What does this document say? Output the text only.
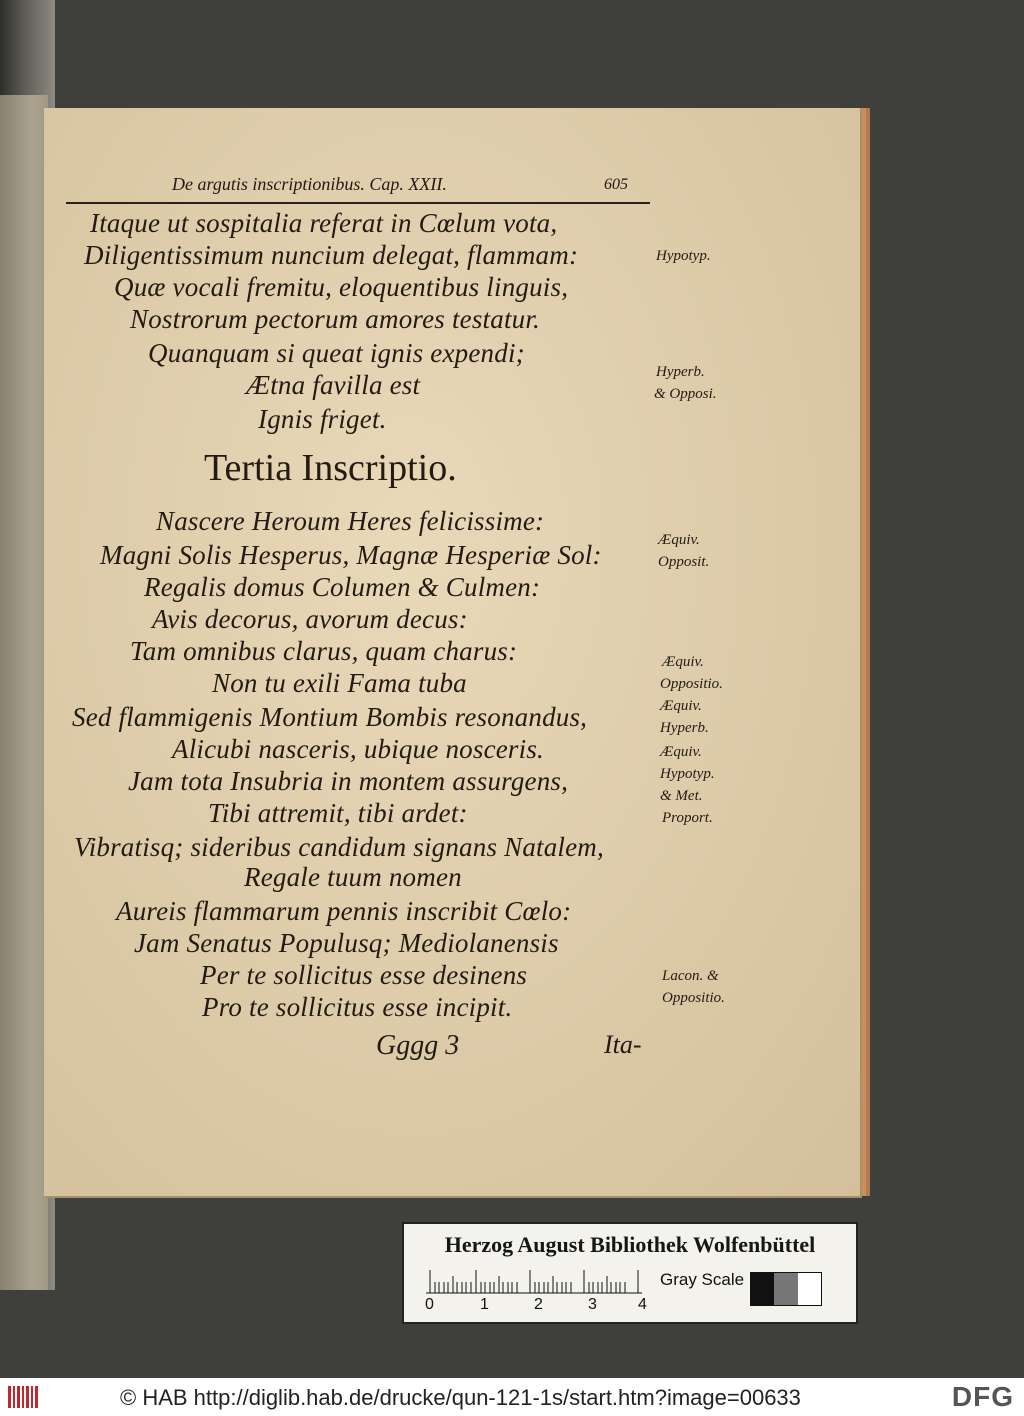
De argutis inscriptionibus. Cap. XXII.	605
Itaque ut sospitalia referat in Cœlum vota,
Diligentissimum nuncium delegat, flammam:
Quæ vocali fremitu, eloquentibus linguis,
Nostrorum pectorum amores testatur.
Quanquam si queat ignis expendi;
Ætna favilla est
Ignis friget.
Tertia Inscriptio.
Nascere Heroum Heres felicissime:
Magni Solis Hesperus, Magnæ Hesperiæ Sol:
Regalis domus Columen & Culmen:
Avis decorus, avorum decus:
Tam omnibus clarus, quam charus:
Non tu exili Fama tuba
Sed flammigenis Montium Bombis resonandus,
Alicubi nasceris, ubique nosceris.
Jam tota Insubria in montem assurgens,
Tibi attremit, tibi ardet:
Vibratisq; sideribus candidum signans Natalem,
Regale tuum nomen
Aureis flammarum pennis inscribit Cœlo:
Jam Senatus Populusq; Mediolanensis
Per te sollicitus esse desinens
Pro te sollicitus esse incipit.
Hypotyp.
Hyperb.
& Opposi.
Æquiv.
Opposit.
Æquiv.
Oppositio.
Æquiv.
Hyperb.
Æquiv.
Hypotyp.
& Met.
Proport.
Lacon. &
Oppositio.
Gggg 3	Ita-
Herzog August Bibliothek Wolfenbüttel
0	1	2	3	4
Gray Scale
© HAB http://diglib.hab.de/drucke/qun-121-1s/start.htm?image=00633	DFG
